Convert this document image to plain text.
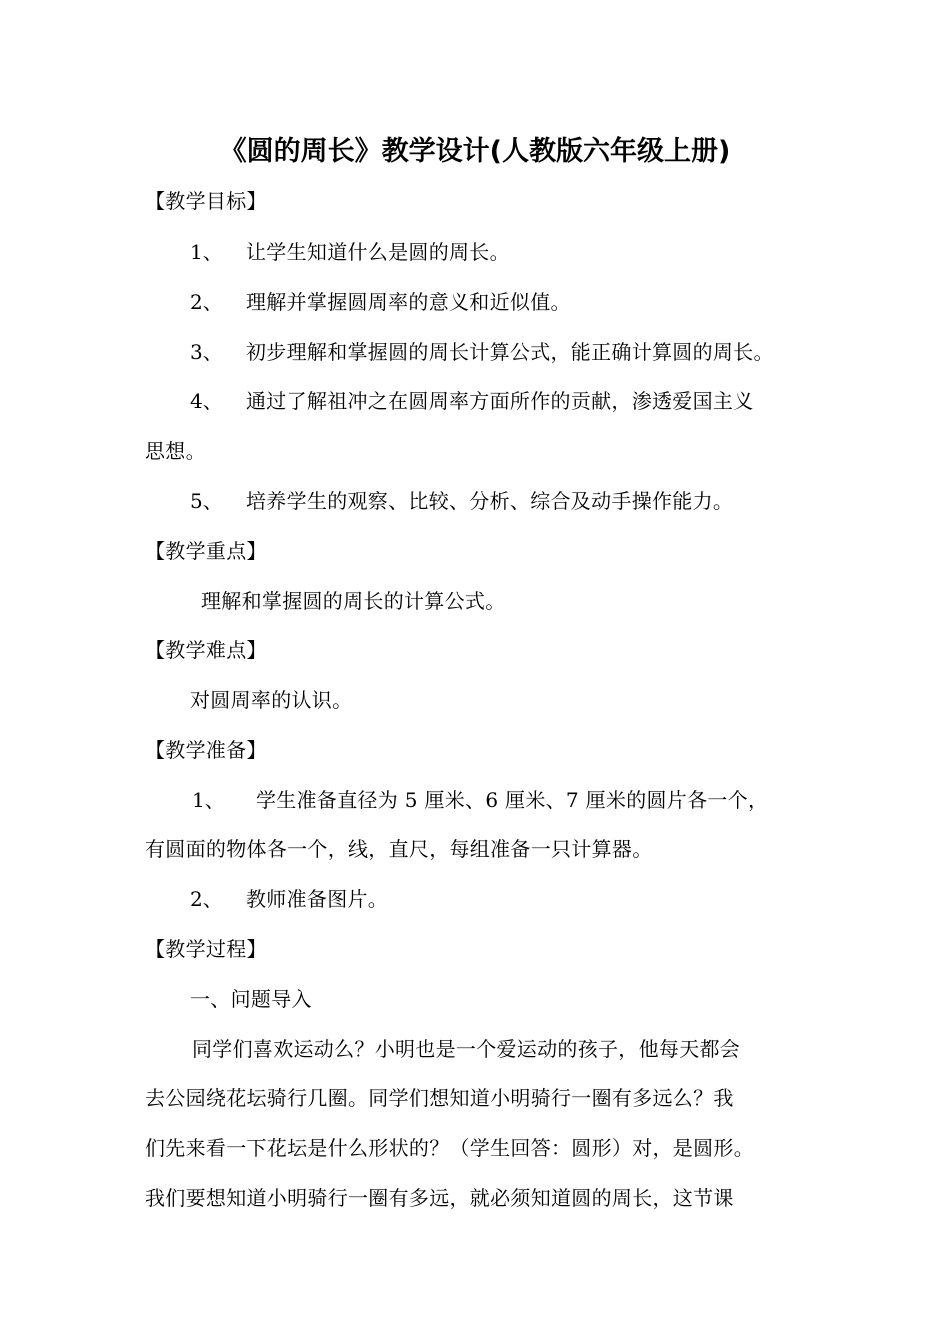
《圆的周长》教学设计(人教版六年级上册)
【教学目标】
1、 让学生知道什么是圆的周长。
2、 理解并掌握圆周率的意义和近似值。
3、 初步理解和掌握圆的周长计算公式，能正确计算圆的周长。
4、 通过了解祖冲之在圆周率方面所作的贡献，渗透爱国主义
思想。
5、 培养学生的观察、比较、分析、综合及动手操作能力。
【教学重点】
理解和掌握圆的周长的计算公式。
【教学难点】
对圆周率的认识。
【教学准备】
1、 学生准备直径为 5 厘米、6 厘米、7 厘米的圆片各一个，
有圆面的物体各一个，线，直尺，每组准备一只计算器。
2、 教师准备图片。
【教学过程】
一、问题导入
同学们喜欢运动么？小明也是一个爱运动的孩子，他每天都会
去公园绕花坛骑行几圈。同学们想知道小明骑行一圈有多远么？我
们先来看一下花坛是什么形状的？（学生回答：圆形）对，是圆形。
我们要想知道小明骑行一圈有多远，就必须知道圆的周长，这节课
